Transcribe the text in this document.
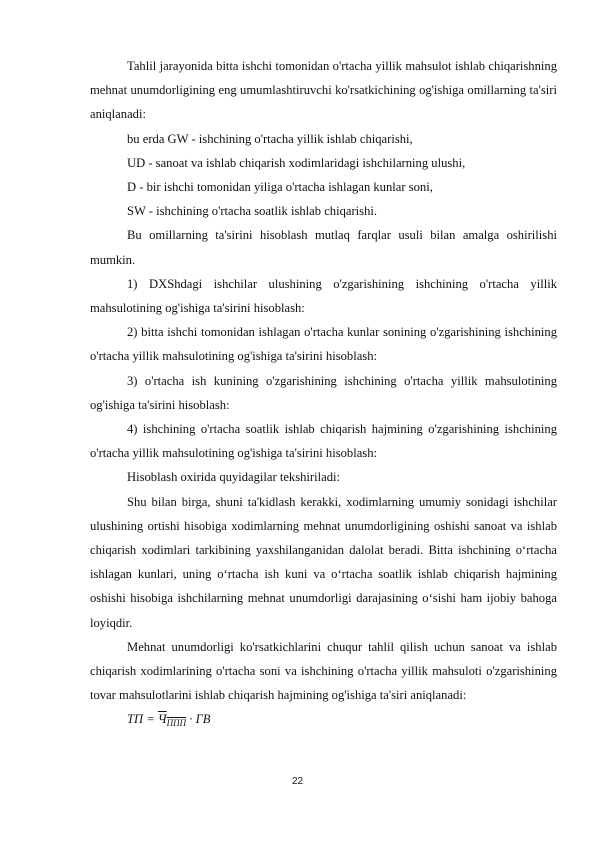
Tahlil jarayonida bitta ishchi tomonidan o'rtacha yillik mahsulot ishlab chiqarishning mehnat unumdorligining eng umumlashtiruvchi ko'rsatkichining og'ishiga omillarning ta'siri aniqlanadi:

bu erda GW - ishchining o'rtacha yillik ishlab chiqarishi,

UD - sanoat va ishlab chiqarish xodimlaridagi ishchilarning ulushi,

D - bir ishchi tomonidan yiliga o'rtacha ishlagan kunlar soni,

SW - ishchining o'rtacha soatlik ishlab chiqarishi.

Bu omillarning ta'sirini hisoblash mutlaq farqlar usuli bilan amalga oshirilishi mumkin.

1) DXShdagi ishchilar ulushining o'zgarishining ishchining o'rtacha yillik mahsulotining og'ishiga ta'sirini hisoblash:

2) bitta ishchi tomonidan ishlagan o'rtacha kunlar sonining o'zgarishining ishchining o'rtacha yillik mahsulotining og'ishiga ta'sirini hisoblash:

3) o'rtacha ish kunining o'zgarishining ishchining o'rtacha yillik mahsulotining og'ishiga ta'sirini hisoblash:

4) ishchining o'rtacha soatlik ishlab chiqarish hajmining o'zgarishining ishchining o'rtacha yillik mahsulotining og'ishiga ta'sirini hisoblash:

Hisoblash oxirida quyidagilar tekshiriladi:

Shu bilan birga, shuni ta'kidlash kerakki, xodimlarning umumiy sonidagi ishchilar ulushining ortishi hisobiga xodimlarning mehnat unumdorligining oshishi sanoat va ishlab chiqarish xodimlari tarkibining yaxshilanganidan dalolat beradi. Bitta ishchining o‘rtacha ishlagan kunlari, uning o‘rtacha ish kuni va o‘rtacha soatlik ishlab chiqarish hajmining oshishi hisobiga ishchilarning mehnat unumdorligi darajasining o‘sishi ham ijobiy bahoga loyiqdir.

Mehnat unumdorligi ko'rsatkichlarini chuqur tahlil qilish uchun sanoat va ishlab chiqarish xodimlarining o'rtacha soni va ishchining o'rtacha yillik mahsuloti o'zgarishining tovar mahsulotlarini ishlab chiqarish hajmining og'ishiga ta'siri aniqlanadi:

ТП = $Ч_{ППП}$ · ГВ

22
